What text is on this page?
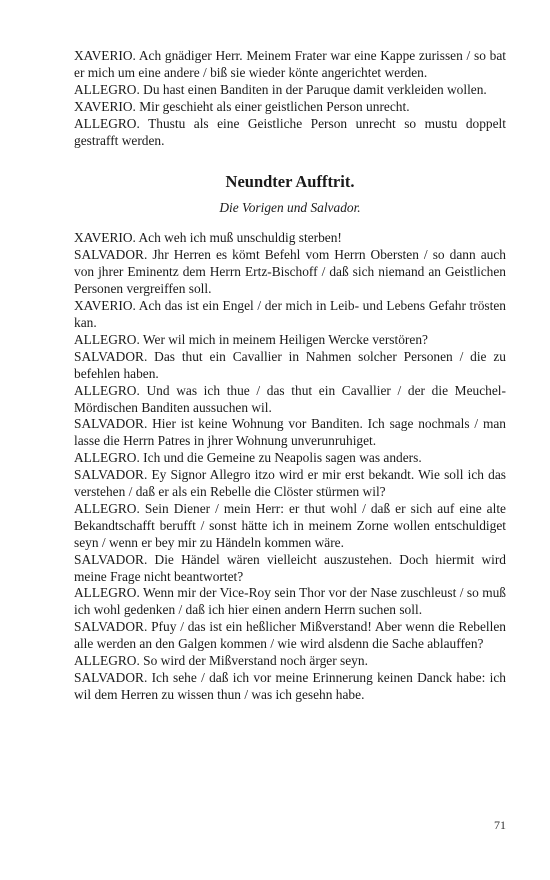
XAVERIO. Ach gnädiger Herr. Meinem Frater war eine Kappe zurissen / so bat er mich um eine andere / biß sie wieder könte angerichtet werden.

ALLEGRO. Du hast einen Banditen in der Paruque damit verkleiden wollen.

XAVERIO. Mir geschieht als einer geistlichen Person unrecht.

ALLEGRO. Thustu als eine Geistliche Person unrecht so mustu doppelt gestrafft werden.

Neundter Aufftrit.

Die Vorigen und Salvador.

XAVERIO. Ach weh ich muß unschuldig sterben!

SALVADOR. Jhr Herren es kömt Befehl vom Herrn Obersten / so dann auch von jhrer Eminentz dem Herrn Ertz-Bischoff / daß sich niemand an Geistlichen Personen vergreiffen soll.

XAVERIO. Ach das ist ein Engel / der mich in Leib- und Lebens Gefahr trösten kan.

ALLEGRO. Wer wil mich in meinem Heiligen Wercke verstören?

SALVADOR. Das thut ein Cavallier in Nahmen solcher Personen / die zu befehlen haben.

ALLEGRO. Und was ich thue / das thut ein Cavallier / der die Meuchel-Mördischen Banditen aussuchen wil.

SALVADOR. Hier ist keine Wohnung vor Banditen. Ich sage nochmals / man lasse die Herrn Patres in jhrer Wohnung unverunruhiget.

ALLEGRO. Ich und die Gemeine zu Neapolis sagen was anders.

SALVADOR. Ey Signor Allegro itzo wird er mir erst bekandt. Wie soll ich das verstehen / daß er als ein Rebelle die Clöster stürmen wil?

ALLEGRO. Sein Diener / mein Herr: er thut wohl / daß er sich auf eine alte Bekandtschafft berufft / sonst hätte ich in meinem Zorne wollen entschuldiget seyn / wenn er bey mir zu Händeln kommen wäre.

SALVADOR. Die Händel wären vielleicht auszustehen. Doch hiermit wird meine Frage nicht beantwortet?

ALLEGRO. Wenn mir der Vice-Roy sein Thor vor der Nase zuschleust / so muß ich wohl gedenken / daß ich hier einen andern Herrn suchen soll.

SALVADOR. Pfuy / das ist ein heßlicher Mißverstand! Aber wenn die Rebellen alle werden an den Galgen kommen / wie wird alsdenn die Sache ablauffen?

ALLEGRO. So wird der Mißverstand noch ärger seyn.

SALVADOR. Ich sehe / daß ich vor meine Erinnerung keinen Danck habe: ich wil dem Herren zu wissen thun / was ich gesehn habe.

71
